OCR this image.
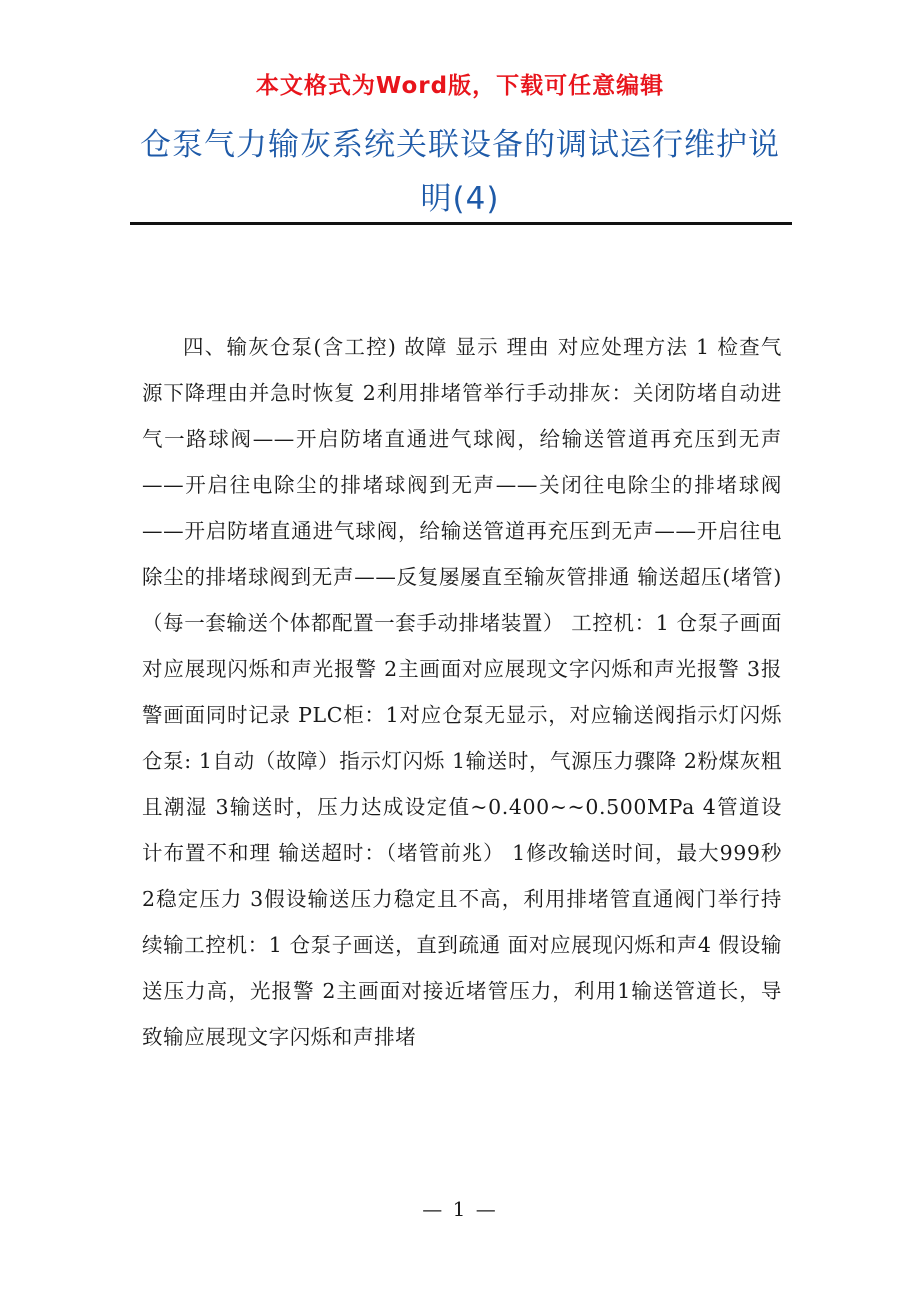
本文格式为Word版，下载可任意编辑
仓泵气力输灰系统关联设备的调试运行维护说明(4)

四、输灰仓泵(含工控) 故障 显示 理由 对应处理方法 1 检查气源下降理由并急时恢复 2利用排堵管举行手动排灰：关闭防堵自动进气一路球阀——开启防堵直通进气球阀，给输送管道再充压到无声——开启往电除尘的排堵球阀到无声——关闭往电除尘的排堵球阀——开启防堵直通进气球阀，给输送管道再充压到无声——开启往电除尘的排堵球阀到无声——反复屡屡直至输灰管排通 输送超压(堵管) （每一套输送个体都配置一套手动排堵装置） 工控机：1 仓泵子画面对应展现闪烁和声光报警 2主画面对应展现文字闪烁和声光报警 3报警画面同时记录 PLC柜：1对应仓泵无显示，对应输送阀指示灯闪烁 仓泵: 1自动（故障）指示灯闪烁 1输送时，气源压力骤降 2粉煤灰粗且潮湿 3输送时，压力达成设定值~0.400~~0.500MPa 4管道设计布置不和理 输送超时：（堵管前兆） 1修改输送时间，最大999秒 2稳定压力 3假设输送压力稳定且不高，利用排堵管直通阀门举行持续输工控机：1 仓泵子画送，直到疏通 面对应展现闪烁和声4 假设输送压力高，光报警 2主画面对接近堵管压力，利用1输送管道长，导致输应展现文字闪烁和声排堵

— 1 —
